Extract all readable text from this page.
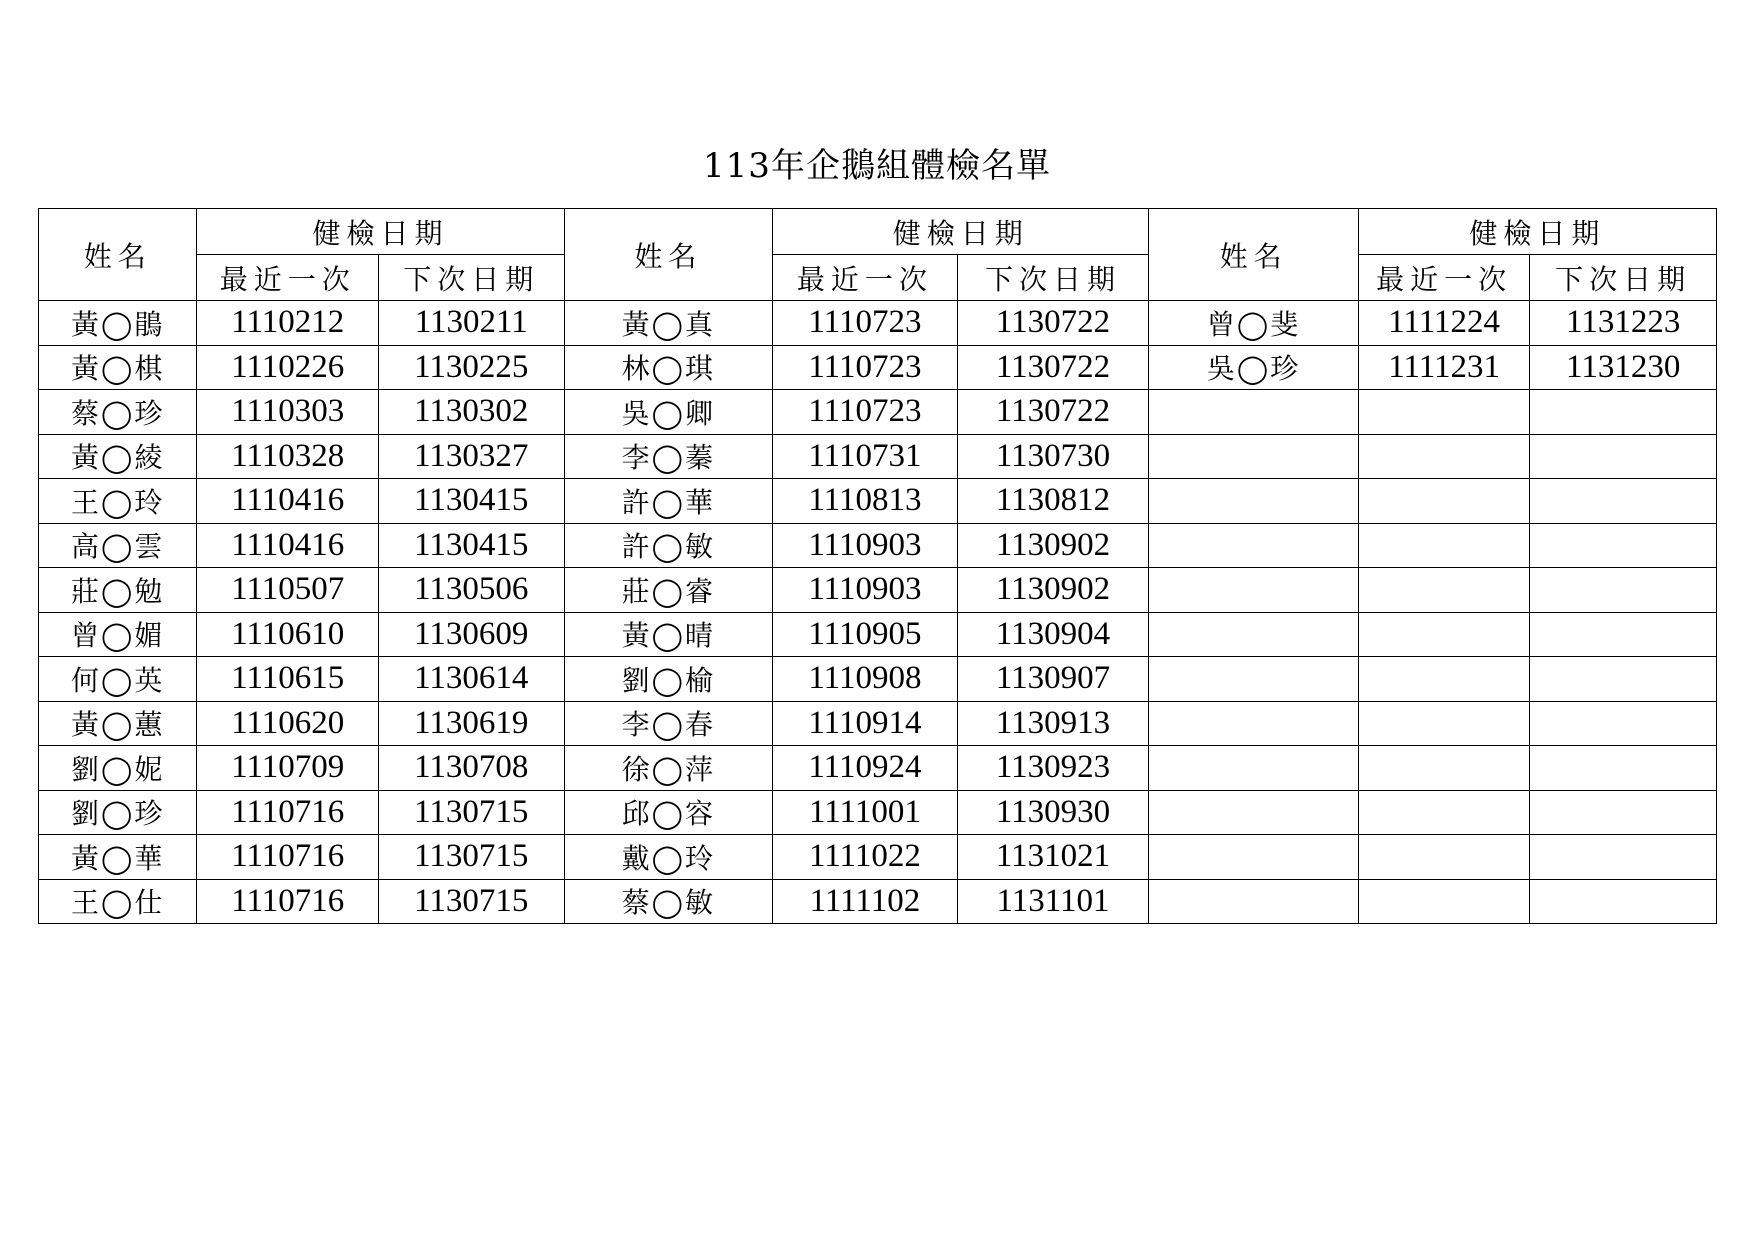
113年企鵝組體檢名單
姓名	健檢日期		姓名	健檢日期		姓名	健檢日期	
	最近一次	下次日期		最近一次	下次日期		最近一次	下次日期
黃◯鵑	1110212	1130211	黃◯真	1110723	1130722	曾◯斐	1111224	1131223
黃◯棋	1110226	1130225	林◯琪	1110723	1130722	吳◯珍	1111231	1131230
蔡◯珍	1110303	1130302	吳◯卿	1110723	1130722			
黃◯綾	1110328	1130327	李◯蓁	1110731	1130730			
王◯玲	1110416	1130415	許◯華	1110813	1130812			
高◯雲	1110416	1130415	許◯敏	1110903	1130902			
莊◯勉	1110507	1130506	莊◯睿	1110903	1130902			
曾◯媚	1110610	1130609	黃◯晴	1110905	1130904			
何◯英	1110615	1130614	劉◯榆	1110908	1130907			
黃◯蕙	1110620	1130619	李◯春	1110914	1130913			
劉◯妮	1110709	1130708	徐◯萍	1110924	1130923			
劉◯珍	1110716	1130715	邱◯容	1111001	1130930			
黃◯華	1110716	1130715	戴◯玲	1111022	1131021			
王◯仕	1110716	1130715	蔡◯敏	1111102	1131101			
